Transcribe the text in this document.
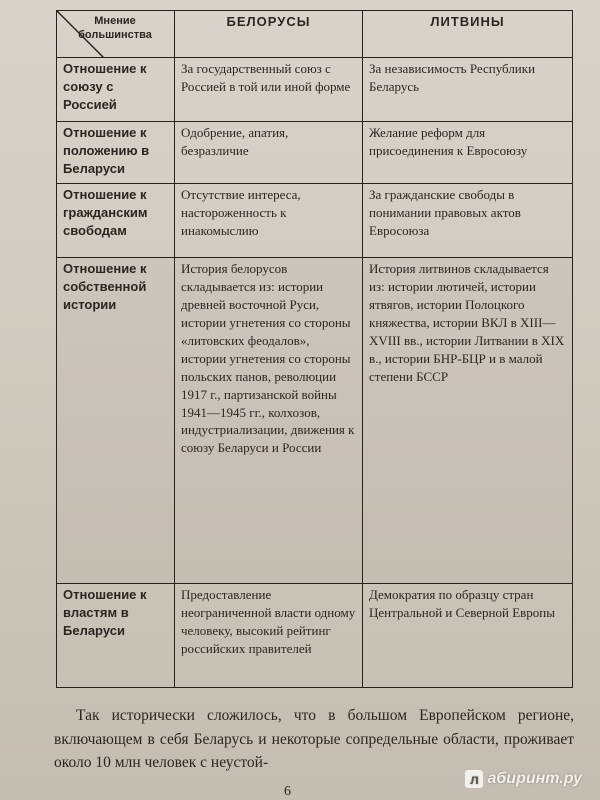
Мнение большинства	БЕЛОРУСЫ	ЛИТВИНЫ
Отношение к союзу с Россией	За государственный союз с Россией в той или иной форме	За независимость Республики Беларусь
Отношение к положению в Беларуси	Одобрение, апатия, безразличие	Желание реформ для присоединения к Евросоюзу
Отношение к гражданским свободам	Отсутствие интереса, настороженность к инакомыслию	За гражданские свободы в понимании правовых актов Евросоюза
Отношение к собственной истории	История белорусов складывается из: истории древней восточной Руси, истории угнетения со стороны «литовских феодалов», истории угнетения со стороны польских панов, революции 1917 г., партизанской войны 1941—1945 гг., колхозов, индустриализации, движения к союзу Беларуси и России	История литвинов складывается из: истории лютичей, истории ятвягов, истории Полоцкого княжества, истории ВКЛ в XIII—XVIII вв., истории Литвании в XIX в., истории БНР-БЦР и в малой степени БССР
Отношение к властям в Беларуси	Предоставление неограниченной власти одному человеку, высокий рейтинг российских правителей	Демократия по образцу стран Центральной и Северной Европы

Так исторически сложилось, что в большом Европейском регионе, включающем в себя Беларусь и некоторые сопредельные области, проживает около 10 млн человек с неустой-

л абиринт.ру
6
